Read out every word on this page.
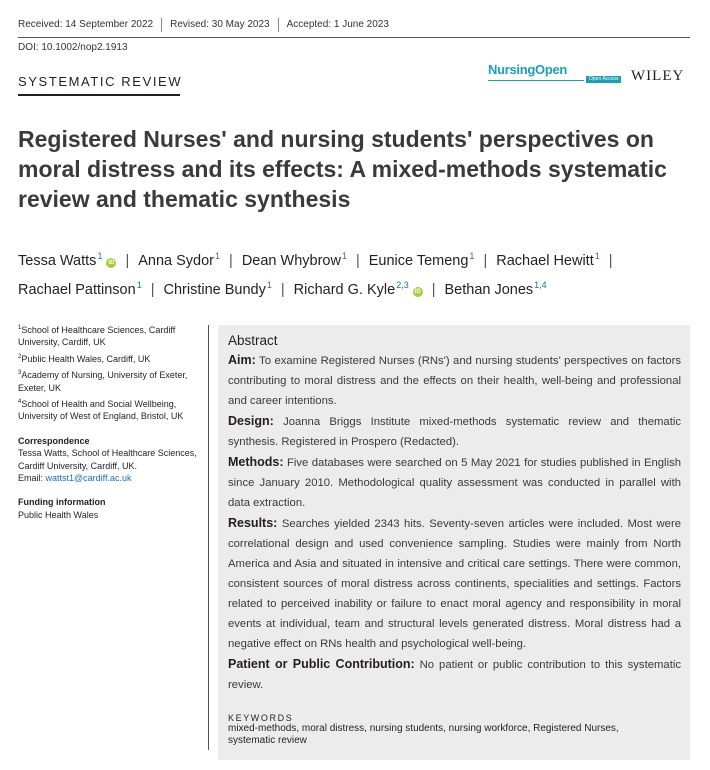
Received: 14 September 2022	Revised: 30 May 2023	Accepted: 1 June 2023
DOI: 10.1002/nop2.1913
SYSTEMATIC REVIEW
NursingOpen
Open Access WILEY
Registered Nurses' and nursing students' perspectives on moral distress and its effects: A mixed-methods systematic review and thematic synthesis
Tessa Watts$^1$iD | Anna Sydor$^1$ | Dean Whybrow$^1$ | Eunice Temeng$^1$ | Rachael Hewitt$^1$ |
Rachael Pattinson$^1$ | Christine Bundy$^1$ | Richard G. Kyle$^{2,3}$iD | Bethan Jones$^{1,4}$
$^1$School of Healthcare Sciences, Cardiff University, Cardiff, UK
$^2$Public Health Wales, Cardiff, UK
$^3$Academy of Nursing, University of Exeter, Exeter, UK
$^4$School of Health and Social Wellbeing, University of West of England, Bristol, UK
Correspondence
Tessa Watts, School of Healthcare Sciences, Cardiff University, Cardiff, UK.
Email: wattst1@cardiff.ac.uk
Funding information
Public Health Wales
Abstract

Aim: To examine Registered Nurses (RNs') and nursing students' perspectives on factors contributing to moral distress and the effects on their health, well-being and professional and career intentions.

Design: Joanna Briggs Institute mixed-methods systematic review and thematic synthesis. Registered in Prospero (Redacted).

Methods: Five databases were searched on 5 May 2021 for studies published in English since January 2010. Methodological quality assessment was conducted in parallel with data extraction.

Results: Searches yielded 2343 hits. Seventy-seven articles were included. Most were correlational design and used convenience sampling. Studies were mainly from North America and Asia and situated in intensive and critical care settings. There were common, consistent sources of moral distress across continents, specialities and settings. Factors related to perceived inability or failure to enact moral agency and responsibility in moral events at individual, team and structural levels generated distress. Moral distress had a negative effect on RNs health and psychological well-being.

Patient or Public Contribution: No patient or public contribution to this systematic review.

KEYWORDS
mixed-methods, moral distress, nursing students, nursing workforce, Registered Nurses, systematic review
